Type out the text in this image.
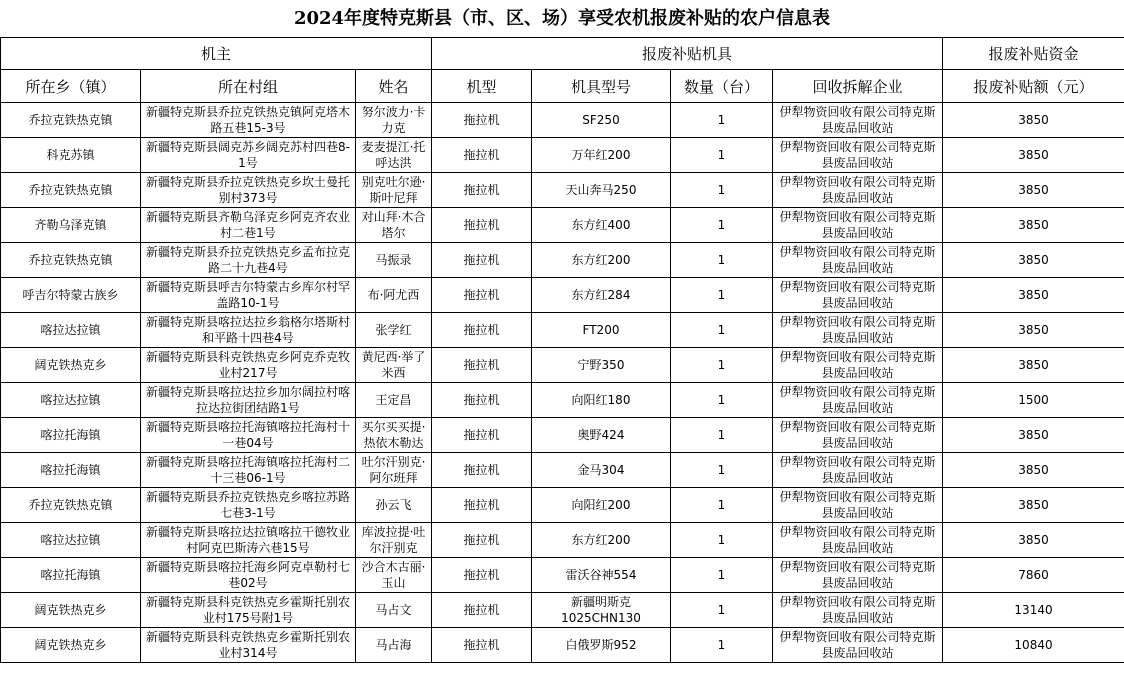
2024年度特克斯县（市、区、场）享受农机报废补贴的农户信息表
机主			报废补贴机具				报废补贴资金
所在乡（镇）	所在村组	姓名	机型	机具型号	数量（台）	回收拆解企业	报废补贴额（元）
乔拉克铁热克镇	新疆特克斯县乔拉克铁热克镇阿克塔木路五巷15-3号	努尔波力·卡力克	拖拉机	SF250	1	伊犁物资回收有限公司特克斯县废品回收站	3850
科克苏镇	新疆特克斯县阔克苏乡阔克苏村四巷8-1号	麦麦提江·托呼达洪	拖拉机	万年红200	1	伊犁物资回收有限公司特克斯县废品回收站	3850
乔拉克铁热克镇	新疆特克斯县乔拉克铁热克乡坎土曼托别村373号	别克吐尔逊·斯叶尼拜	拖拉机	天山奔马250	1	伊犁物资回收有限公司特克斯县废品回收站	3850
齐勒乌泽克镇	新疆特克斯县齐勒乌泽克乡阿克齐农业村二巷1号	对山拜·木合塔尔	拖拉机	东方红400	1	伊犁物资回收有限公司特克斯县废品回收站	3850
乔拉克铁热克镇	新疆特克斯县乔拉克铁热克乡孟布拉克路二十九巷4号	马振录	拖拉机	东方红200	1	伊犁物资回收有限公司特克斯县废品回收站	3850
呼吉尔特蒙古族乡	新疆特克斯县呼吉尔特蒙古乡库尔村罕盖路10-1号	布·阿尤西	拖拉机	东方红284	1	伊犁物资回收有限公司特克斯县废品回收站	3850
喀拉达拉镇	新疆特克斯县喀拉达拉乡翁格尔塔斯村和平路十四巷4号	张学红	拖拉机	FT200	1	伊犁物资回收有限公司特克斯县废品回收站	3850
阔克铁热克乡	新疆特克斯县科克铁热克乡阿克乔克牧业村217号	黄尼西·举了米西	拖拉机	宁野350	1	伊犁物资回收有限公司特克斯县废品回收站	3850
喀拉达拉镇	新疆特克斯县喀拉达拉乡加尔阔拉村喀拉达拉街团结路1号	王定昌	拖拉机	向阳红180	1	伊犁物资回收有限公司特克斯县废品回收站	1500
喀拉托海镇	新疆特克斯县喀拉托海镇喀拉托海村十一巷04号	买尔买买提·热依木勒达	拖拉机	奥野424	1	伊犁物资回收有限公司特克斯县废品回收站	3850
喀拉托海镇	新疆特克斯县喀拉托海镇喀拉托海村二十三巷06-1号	吐尔汗别克·阿尔班拜	拖拉机	金马304	1	伊犁物资回收有限公司特克斯县废品回收站	3850
乔拉克铁热克镇	新疆特克斯县乔拉克铁热克乡喀拉苏路七巷3-1号	孙云飞	拖拉机	向阳红200	1	伊犁物资回收有限公司特克斯县废品回收站	3850
喀拉达拉镇	新疆特克斯县喀拉达拉镇喀拉干德牧业村阿克巴斯涛六巷15号	库波拉提·吐尔汗别克	拖拉机	东方红200	1	伊犁物资回收有限公司特克斯县废品回收站	3850
喀拉托海镇	新疆特克斯县喀拉托海乡阿克卓勒村七巷02号	沙合木古丽·玉山	拖拉机	雷沃谷神554	1	伊犁物资回收有限公司特克斯县废品回收站	7860
阔克铁热克乡	新疆特克斯县科克铁热克乡霍斯托别农业村175号附1号	马占文	拖拉机	新疆明斯克1025CHN130	1	伊犁物资回收有限公司特克斯县废品回收站	13140
阔克铁热克乡	新疆特克斯县科克铁热克乡霍斯托别农业村314号	马占海	拖拉机	白俄罗斯952	1	伊犁物资回收有限公司特克斯县废品回收站	10840
